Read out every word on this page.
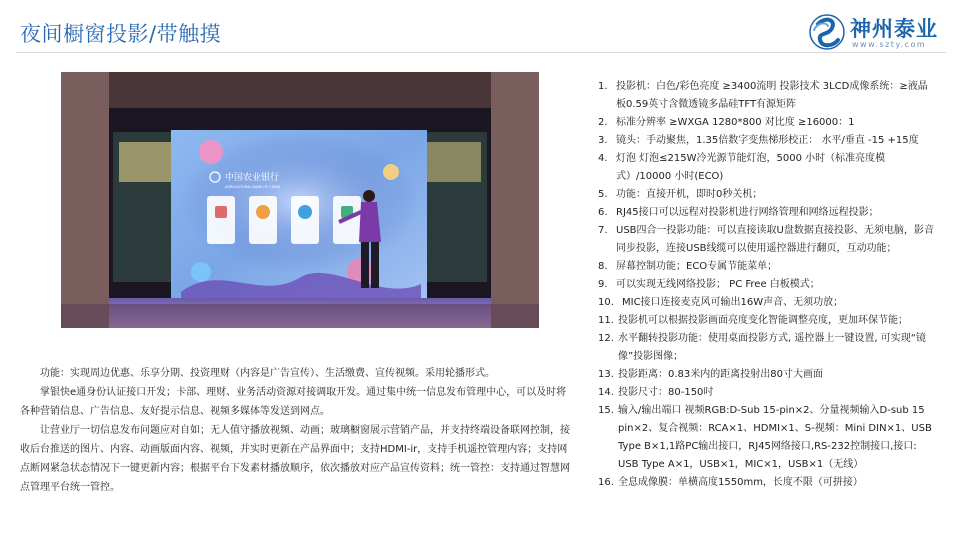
夜间橱窗投影/带触摸	神州泰业
www.szty.com
中国农业银行
AGRICULTURAL BANK OF CHINA

功能：实现周边优惠、乐享分期、投资理财（内容是广告宣传）、生活缴费、宣传视频。采用轮播形式。

掌银快e通身份认证接口开发；卡部、理财、业务活动资源对接调取开发。通过集中统一信息发布管理中心，可以及时将各种营销信息、广告信息、友好提示信息、视频多媒体等发送到网点。

让营业厅一切信息发布问题应对自如；无人值守播放视频、动画；玻璃橱窗展示营销产品，并支持终端设备联网控制，接收后台推送的图片、内容、动画版面内容、视频，并实时更新在产品界面中；支持HDMI-ir，支持手机遥控管理内容；支持网点断网紧急状态情况下一键更新内容；根据平台下发素材播放顺序，依次播放对应产品宣传资料；统一管控：支持通过智慧网点管理平台统一管控。

1. 投影机：白色/彩色亮度 ≥3400流明 投影技术 3LCD成像系统：≥液晶板0.59英寸含微透镜多晶硅TFT有源矩阵
2. 标准分辨率 ≥WXGA 1280*800 对比度 ≥16000：1
3. 镜头：手动聚焦，1.35倍数字变焦梯形校正： 水平/垂直 -15 +15度
4. 灯泡 灯泡≤215W冷光源节能灯泡，5000 小时（标准亮度模式）/10000 小时(ECO)
5. 功能：直接开机，即时0秒关机；
6. RJ45接口可以远程对投影机进行网络管理和网络远程投影；
7. USB四合一投影功能：可以直接读取U盘数据直接投影、无须电脑，影音同步投影，连接USB线缆可以使用遥控器进行翻页，互动功能；
8. 屏幕控制功能；ECO专属节能菜单；
9. 可以实现无线网络投影； PC Free 白板模式；
10. MIC接口连接麦克风可输出16W声音、无须功放；
11. 投影机可以根据投影画面亮度变化智能调整亮度，更加环保节能；
12. 水平翻转投影功能：使用桌面投影方式, 遥控器上一键设置, 可实现“镜像”投影图像；
13. 投影距离：0.83米内的距离投射出80寸大画面
14. 投影尺寸：80-150吋
15. 输入/输出端口 视频RGB:D-Sub 15-pin×2、分量视频输入D-sub 15 pin×2、复合视频：RCA×1、HDMI×1、S-视频：Mini DIN×1、USB Type B×1,1路PC输出接口，RJ45网络接口,RS-232控制接口,接口: USB Type A×1，USB×1，MIC×1，USB×1（无线）
16. 全息成像膜：单横高度1550mm，长度不限（可拼接）
